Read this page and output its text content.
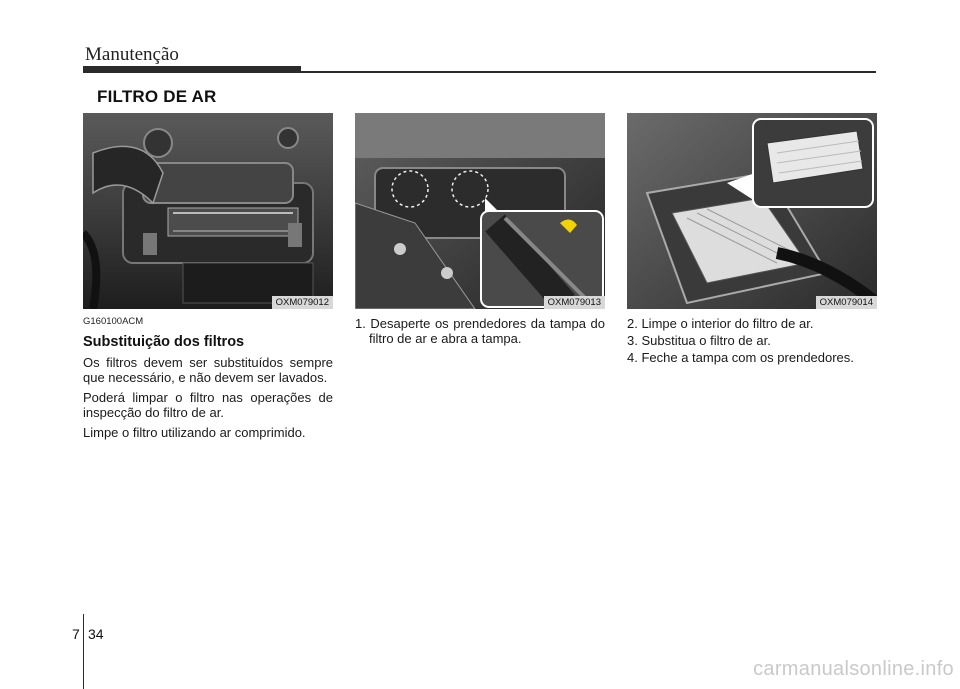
Manutenção
FILTRO DE AR
OXM079012	OXM079013	OXM079014
G160100ACM
Substituição dos filtros

Os filtros devem ser substituídos sempre que necessário, e não devem ser lavados.

Poderá limpar o filtro nas operações de inspecção do filtro de ar.

Limpe o filtro utilizando ar comprimido.

1. Desaperte os prendedores da tampa do filtro de ar e abra a tampa.

2. Limpe o interior do filtro de ar.

3. Substitua o filtro de ar.

4. Feche a tampa com os prendedores.

7 34
carmanualsonline.info
